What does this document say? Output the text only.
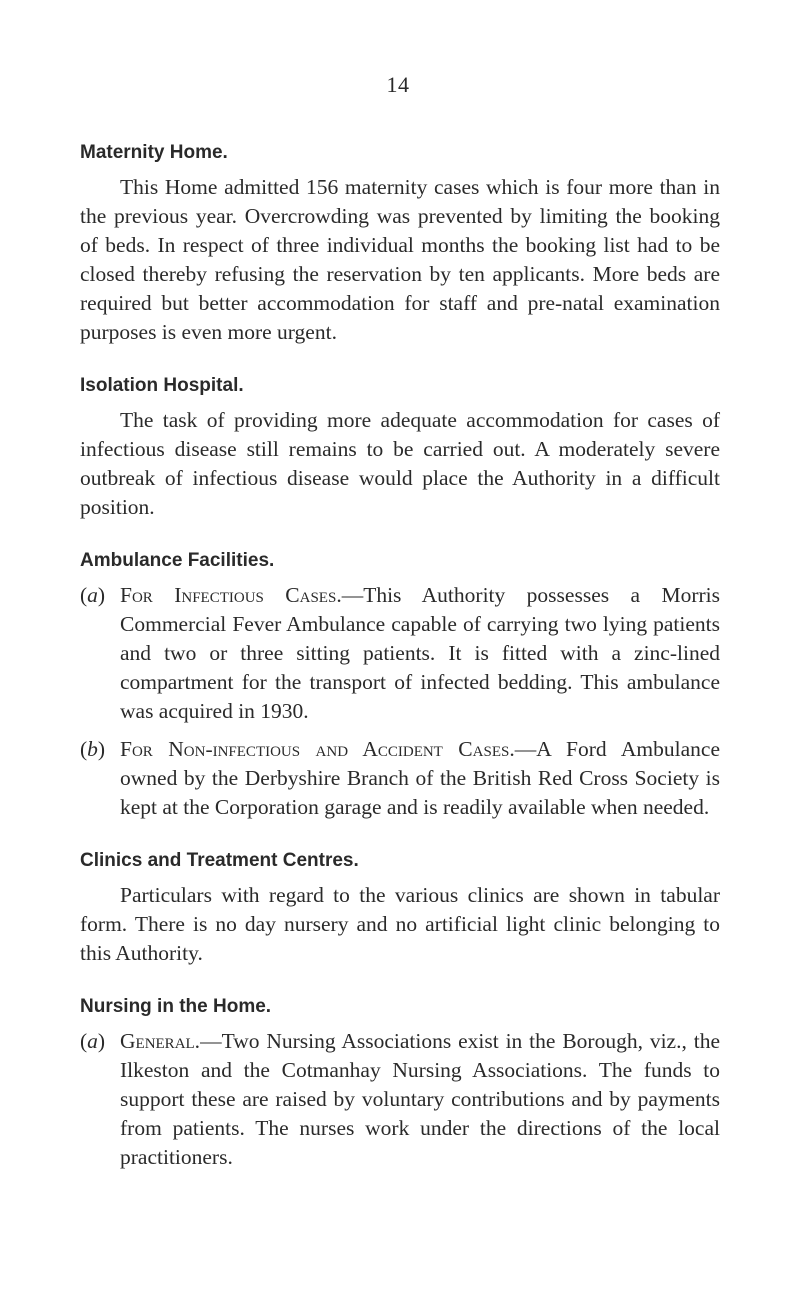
14
Maternity Home.

This Home admitted 156 maternity cases which is four more than in the previous year. Overcrowding was prevented by limiting the booking of beds. In respect of three individual months the booking list had to be closed thereby refusing the reservation by ten applicants. More beds are required but better accommodation for staff and pre-natal examination purposes is even more urgent.

Isolation Hospital.

The task of providing more adequate accommodation for cases of infectious disease still remains to be carried out. A moderately severe outbreak of infectious disease would place the Authority in a difficult position.

Ambulance Facilities.
(a) For Infectious Cases.—This Authority possesses a Morris Commercial Fever Ambulance capable of carrying two lying patients and two or three sitting patients. It is fitted with a zinc-lined compartment for the transport of infected bedding. This ambulance was acquired in 1930.
(b) For Non-infectious and Accident Cases.—A Ford Ambulance owned by the Derbyshire Branch of the British Red Cross Society is kept at the Corporation garage and is readily available when needed.
Clinics and Treatment Centres.

Particulars with regard to the various clinics are shown in tabular form. There is no day nursery and no artificial light clinic belonging to this Authority.

Nursing in the Home.
(a) General.—Two Nursing Associations exist in the Borough, viz., the Ilkeston and the Cotmanhay Nursing Associations. The funds to support these are raised by voluntary contributions and by payments from patients. The nurses work under the directions of the local practitioners.
